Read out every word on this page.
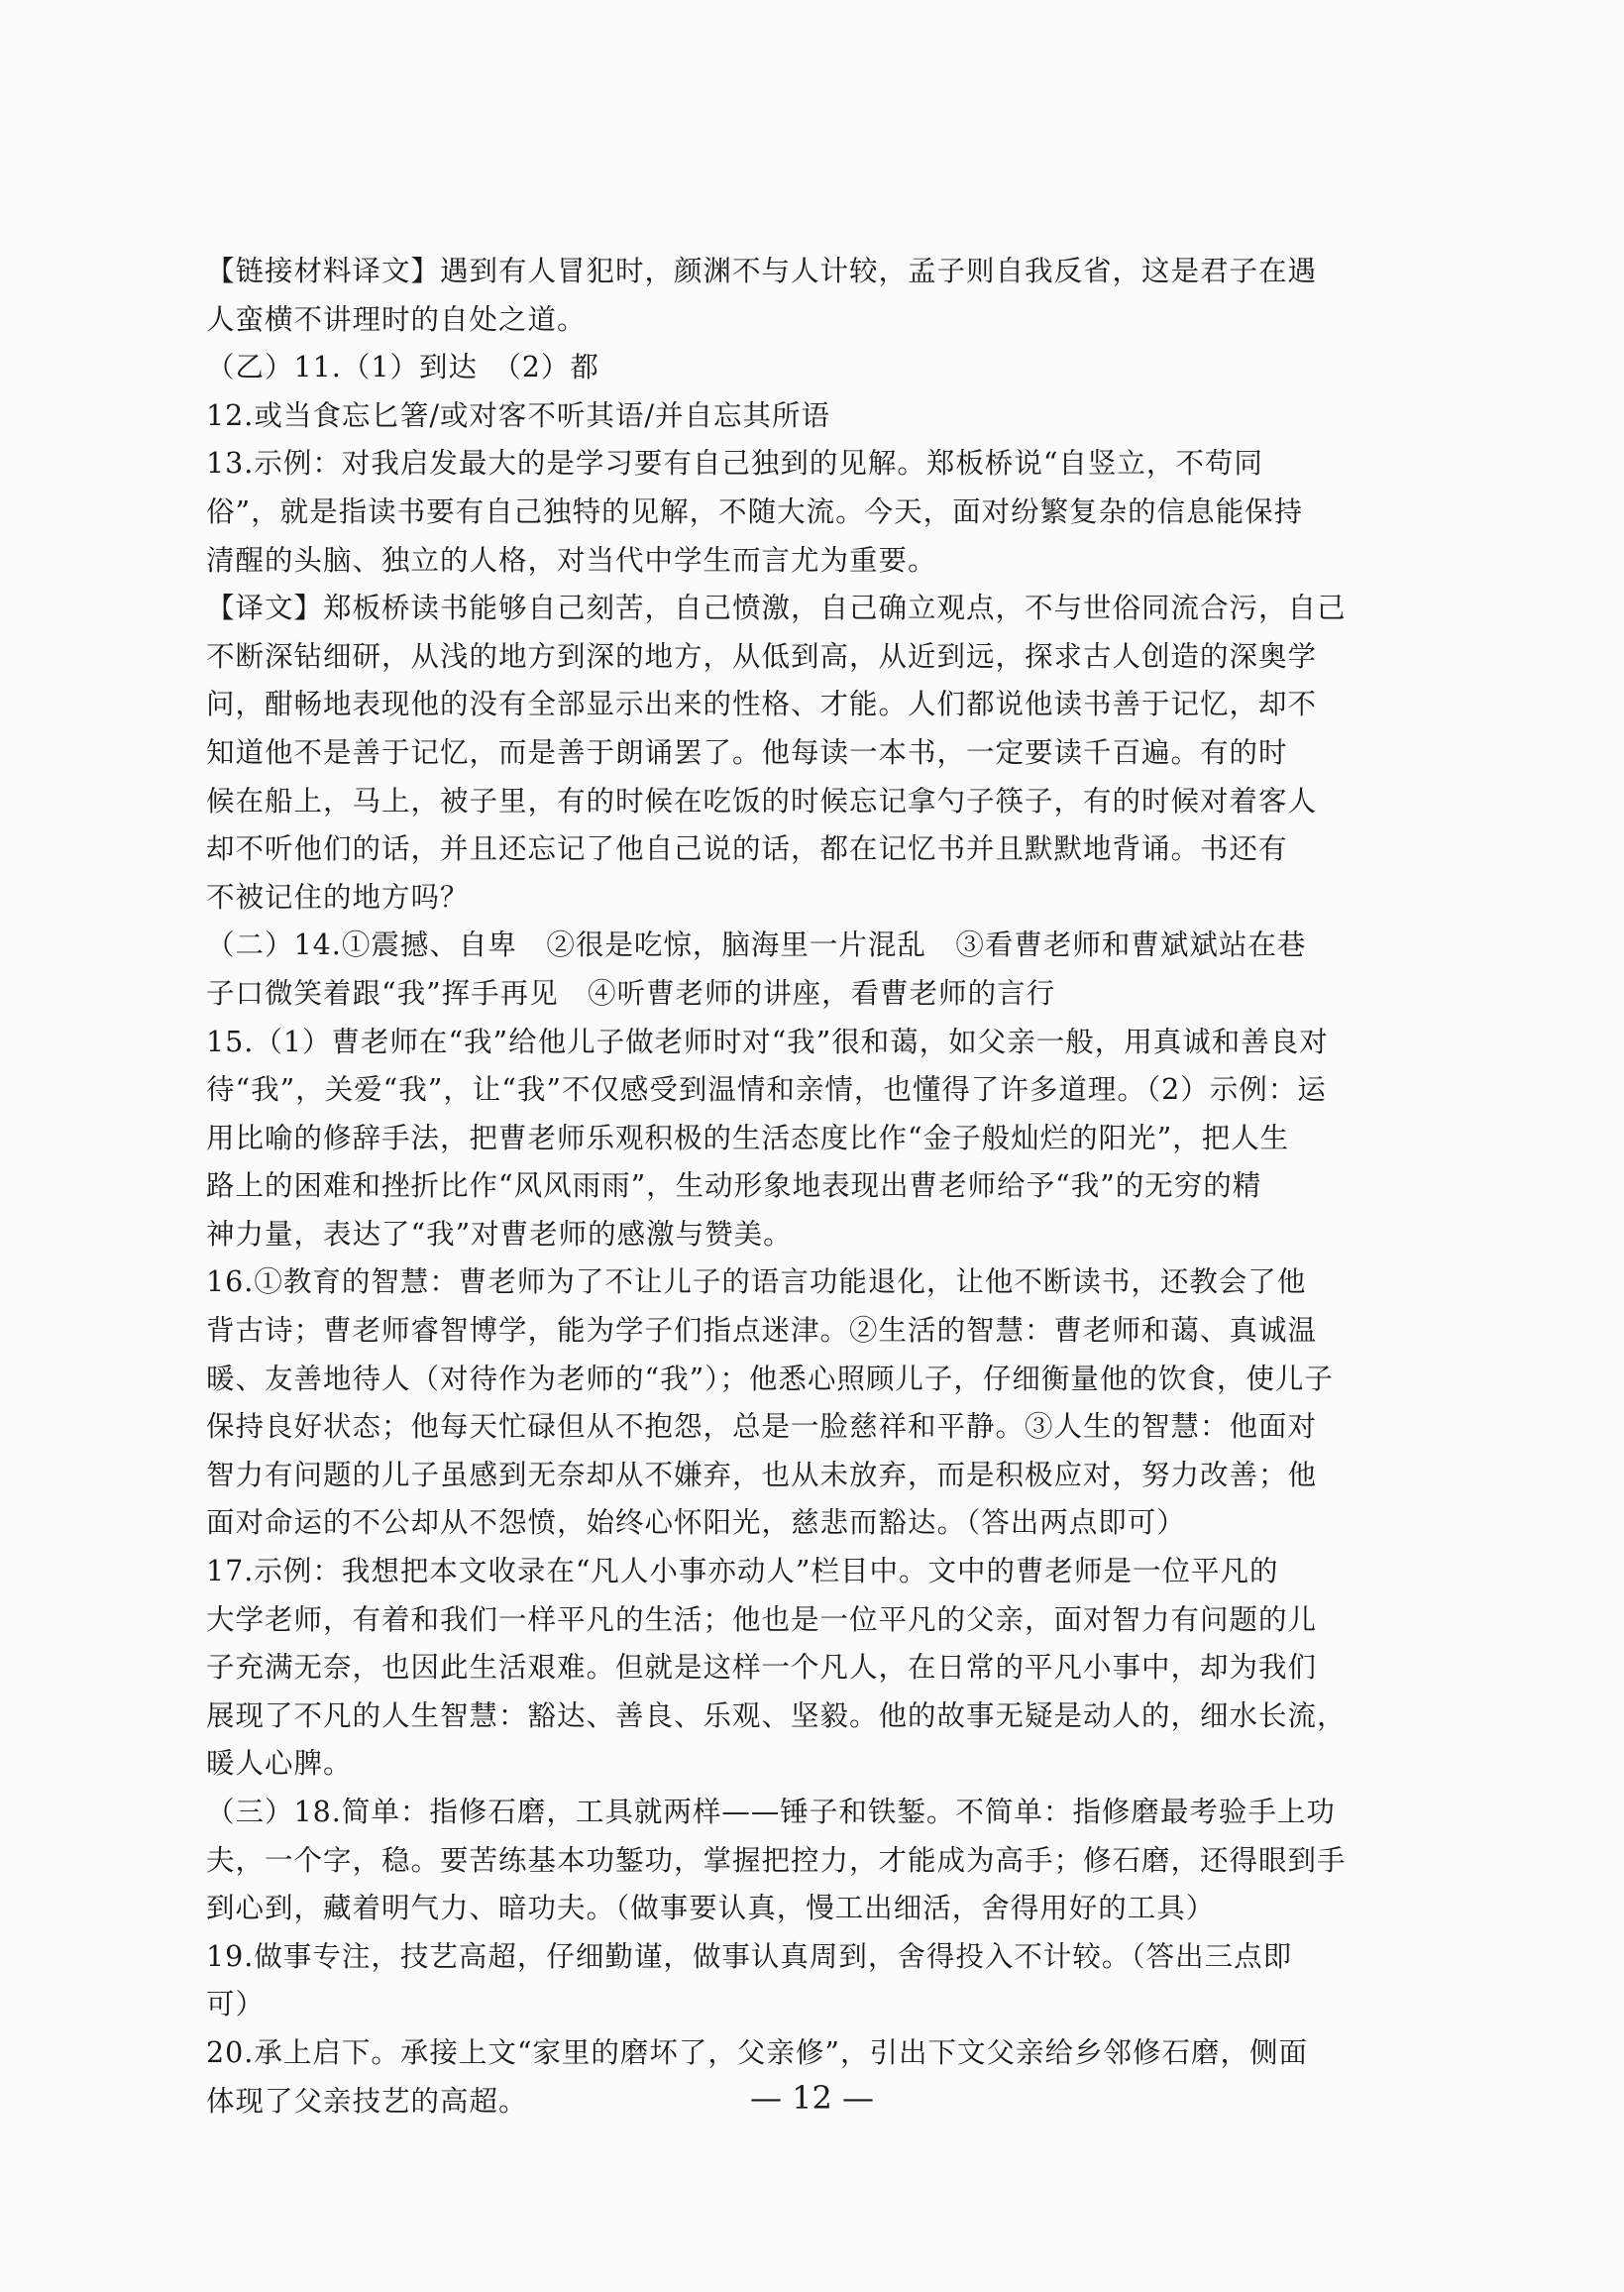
【链接材料译文】遇到有人冒犯时，颜渊不与人计较，孟子则自我反省，这是君子在遇
人蛮横不讲理时的自处之道。
（乙）11.（1）到达　（2）都
12.或当食忘匕箸/或对客不听其语/并自忘其所语
13.示例：对我启发最大的是学习要有自己独到的见解。郑板桥说“自竖立，不苟同
俗”，就是指读书要有自己独特的见解，不随大流。今天，面对纷繁复杂的信息能保持
清醒的头脑、独立的人格，对当代中学生而言尤为重要。
【译文】郑板桥读书能够自己刻苦，自己愤激，自己确立观点，不与世俗同流合污，自己
不断深钻细研，从浅的地方到深的地方，从低到高，从近到远，探求古人创造的深奥学
问，酣畅地表现他的没有全部显示出来的性格、才能。人们都说他读书善于记忆，却不
知道他不是善于记忆，而是善于朗诵罢了。他每读一本书，一定要读千百遍。有的时
候在船上，马上，被子里，有的时候在吃饭的时候忘记拿勺子筷子，有的时候对着客人
却不听他们的话，并且还忘记了他自己说的话，都在记忆书并且默默地背诵。书还有
不被记住的地方吗？
（二）14.①震撼、自卑　②很是吃惊，脑海里一片混乱　③看曹老师和曹斌斌站在巷
子口微笑着跟“我”挥手再见　④听曹老师的讲座，看曹老师的言行
15.（1）曹老师在“我”给他儿子做老师时对“我”很和蔼，如父亲一般，用真诚和善良对
待“我”，关爱“我”，让“我”不仅感受到温情和亲情，也懂得了许多道理。（2）示例：运
用比喻的修辞手法，把曹老师乐观积极的生活态度比作“金子般灿烂的阳光”，把人生
路上的困难和挫折比作“风风雨雨”，生动形象地表现出曹老师给予“我”的无穷的精
神力量，表达了“我”对曹老师的感激与赞美。
16.①教育的智慧：曹老师为了不让儿子的语言功能退化，让他不断读书，还教会了他
背古诗；曹老师睿智博学，能为学子们指点迷津。②生活的智慧：曹老师和蔼、真诚温
暖、友善地待人（对待作为老师的“我”）；他悉心照顾儿子，仔细衡量他的饮食，使儿子
保持良好状态；他每天忙碌但从不抱怨，总是一脸慈祥和平静。③人生的智慧：他面对
智力有问题的儿子虽感到无奈却从不嫌弃，也从未放弃，而是积极应对，努力改善；他
面对命运的不公却从不怨愤，始终心怀阳光，慈悲而豁达。（答出两点即可）
17.示例：我想把本文收录在“凡人小事亦动人”栏目中。文中的曹老师是一位平凡的
大学老师，有着和我们一样平凡的生活；他也是一位平凡的父亲，面对智力有问题的儿
子充满无奈，也因此生活艰难。但就是这样一个凡人，在日常的平凡小事中，却为我们
展现了不凡的人生智慧：豁达、善良、乐观、坚毅。他的故事无疑是动人的，细水长流，
暖人心脾。
（三）18.简单：指修石磨，工具就两样——锤子和铁錾。不简单：指修磨最考验手上功
夫，一个字，稳。要苦练基本功錾功，掌握把控力，才能成为高手；修石磨，还得眼到手
到心到，藏着明气力、暗功夫。（做事要认真，慢工出细活，舍得用好的工具）
19.做事专注，技艺高超，仔细勤谨，做事认真周到，舍得投入不计较。（答出三点即
可）
20.承上启下。承接上文“家里的磨坏了，父亲修”，引出下文父亲给乡邻修石磨，侧面
体现了父亲技艺的高超。	— 12 —
